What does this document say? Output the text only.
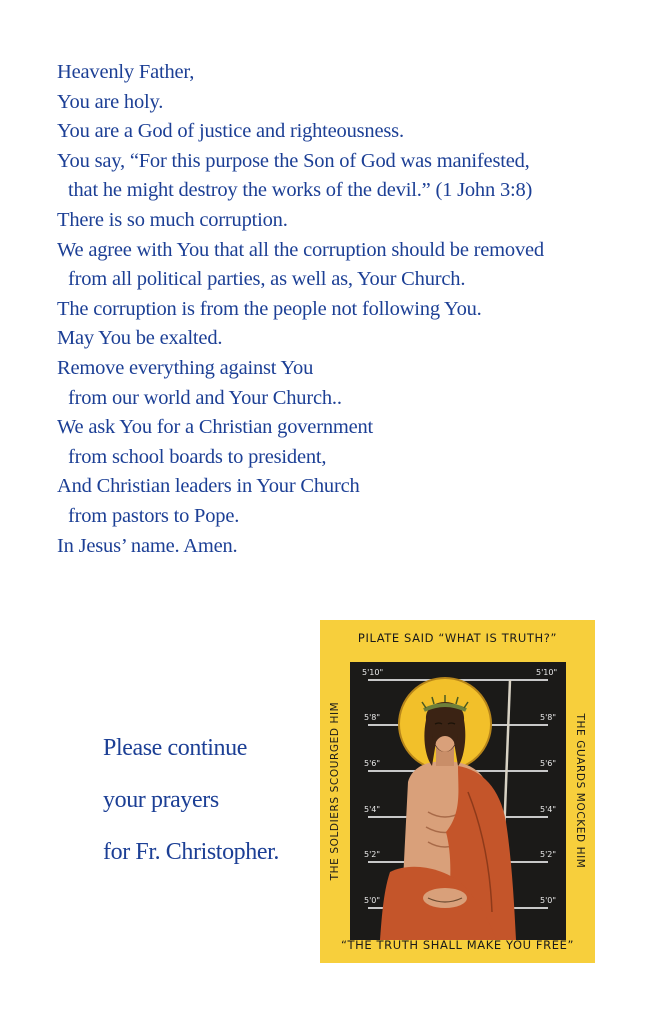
Heavenly Father,
You are holy.
You are a God of justice and righteousness.
You say, “For this purpose the Son of God was manifested,
that he might destroy the works of the devil.” (1 John 3:8)
There is so much corruption.
We agree with You that all the corruption should be removed
from all political parties, as well as, Your Church.
The corruption is from the people not following You.
May You be exalted.
Remove everything against You
from our world and Your Church..
We ask You for a Christian government
from school boards to president,
And Christian leaders in Your Church
from pastors to Pope.
In Jesus’ name. Amen.
Please continue
your prayers
for Fr. Christopher.
PILATE SAID “WHAT IS TRUTH?”
5'10"	5'10"
5'8"	5'8"
5'6"	5'6"
5'4"	5'4"
5'2"	5'2"
5'0"	5'0"
THE SOLDIERS SCOURGED HIM	THE GUARDS MOCKED HIM
“THE TRUTH SHALL MAKE YOU FREE”
